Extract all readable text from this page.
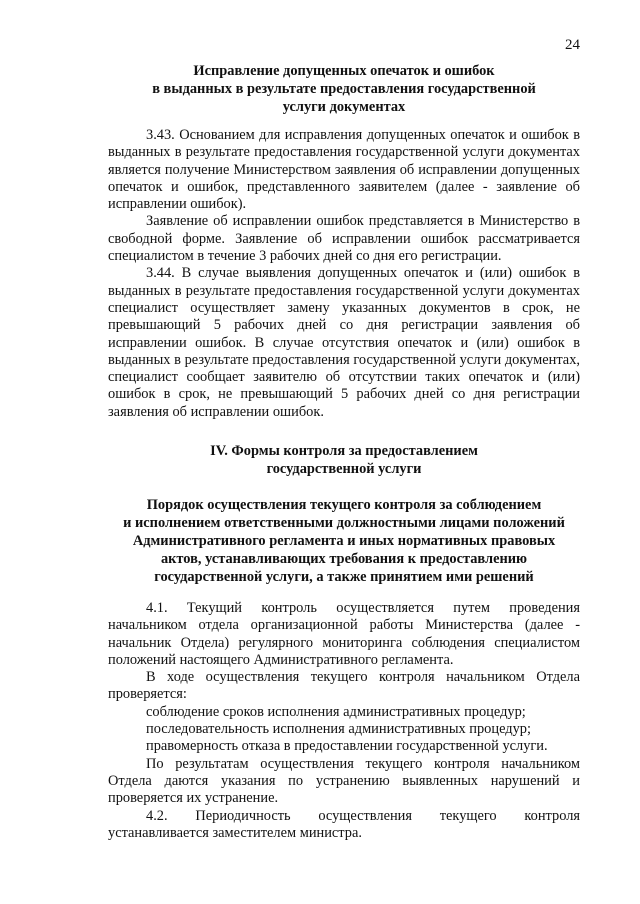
24
Исправление допущенных опечаток и ошибок
в выданных в результате предоставления государственной
услуги документах

3.43. Основанием для исправления допущенных опечаток и ошибок в выданных в результате предоставления государственной услуги документах является получение Министерством заявления об исправлении допущенных опечаток и ошибок, представленного заявителем (далее - заявление об исправлении ошибок).

Заявление об исправлении ошибок представляется в Министерство в свободной форме. Заявление об исправлении ошибок рассматривается специалистом в течение 3 рабочих дней со дня его регистрации.

3.44. В случае выявления допущенных опечаток и (или) ошибок в выданных в результате предоставления государственной услуги документах специалист осуществляет замену указанных документов в срок, не превышающий 5 рабочих дней со дня регистрации заявления об исправлении ошибок. В случае отсутствия опечаток и (или) ошибок в выданных в результате предоставления государственной услуги документах, специалист сообщает заявителю об отсутствии таких опечаток и (или) ошибок в срок, не превышающий 5 рабочих дней со дня регистрации заявления об исправлении ошибок.

IV. Формы контроля за предоставлением
государственной услуги
Порядок осуществления текущего контроля за соблюдением
и исполнением ответственными должностными лицами положений
Административного регламента и иных нормативных правовых
актов, устанавливающих требования к предоставлению
государственной услуги, а также принятием ими решений

4.1. Текущий контроль осуществляется путем проведения начальником отдела организационной работы Министерства (далее - начальник Отдела) регулярного мониторинга соблюдения специалистом положений настоящего Административного регламента.

В ходе осуществления текущего контроля начальником Отдела проверяется:

соблюдение сроков исполнения административных процедур;

последовательность исполнения административных процедур;

правомерность отказа в предоставлении государственной услуги.

По результатам осуществления текущего контроля начальником Отдела даются указания по устранению выявленных нарушений и проверяется их устранение.

4.2. Периодичность осуществления текущего контроля устанавливается заместителем министра.
